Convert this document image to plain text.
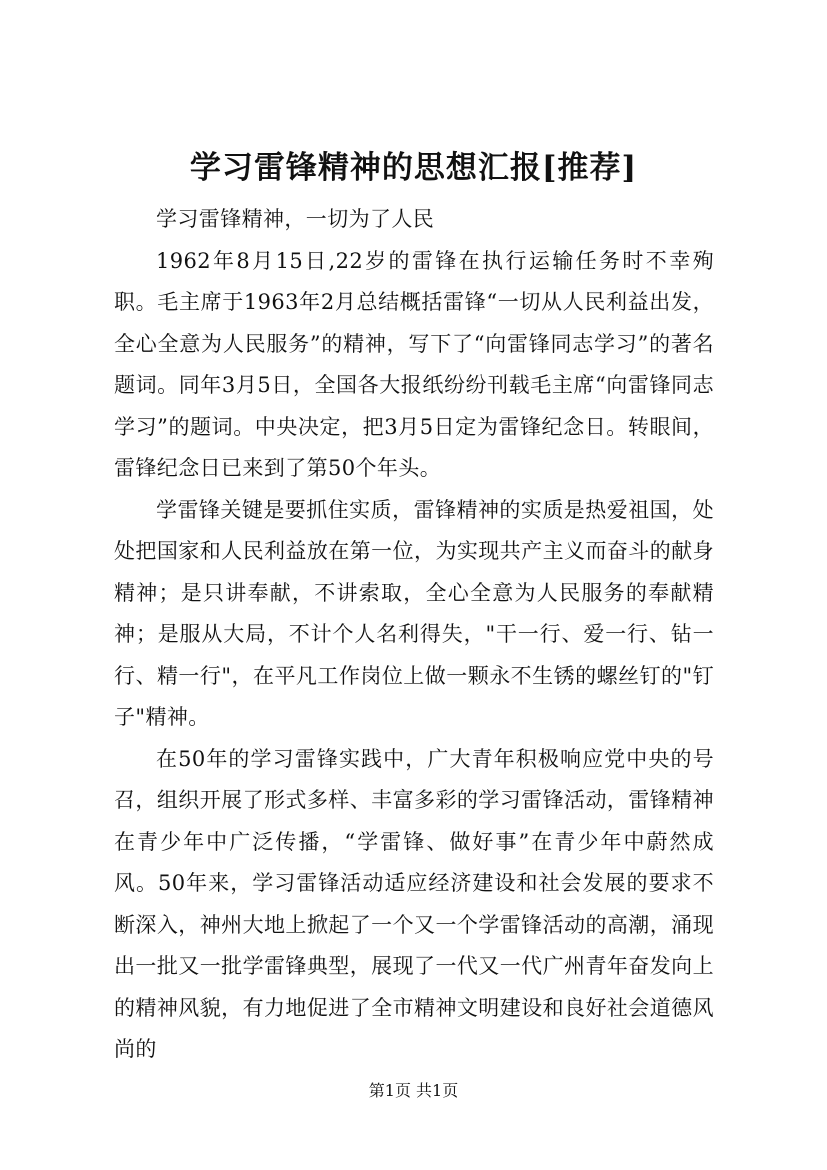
学习雷锋精神的思想汇报[推荐]

学习雷锋精神，一切为了人民

1962年8月15日,22岁的雷锋在执行运输任务时不幸殉职。毛主席于1963年2月总结概括雷锋“一切从人民利益出发，全心全意为人民服务”的精神，写下了“向雷锋同志学习”的著名题词。同年3月5日，全国各大报纸纷纷刊载毛主席“向雷锋同志学习”的题词。中央决定，把3月5日定为雷锋纪念日。转眼间，雷锋纪念日已来到了第50个年头。

学雷锋关键是要抓住实质，雷锋精神的实质是热爱祖国，处处把国家和人民利益放在第一位，为实现共产主义而奋斗的献身精神；是只讲奉献，不讲索取，全心全意为人民服务的奉献精神；是服从大局，不计个人名利得失，"干一行、爱一行、钻一行、精一行"，在平凡工作岗位上做一颗永不生锈的螺丝钉的"钉子"精神。

在50年的学习雷锋实践中，广大青年积极响应党中央的号召，组织开展了形式多样、丰富多彩的学习雷锋活动，雷锋精神在青少年中广泛传播，“学雷锋、做好事”在青少年中蔚然成风。50年来，学习雷锋活动适应经济建设和社会发展的要求不断深入，神州大地上掀起了一个又一个学雷锋活动的高潮，涌现出一批又一批学雷锋典型，展现了一代又一代广州青年奋发向上的精神风貌，有力地促进了全市精神文明建设和良好社会道德风尚的

第1页 共1页
